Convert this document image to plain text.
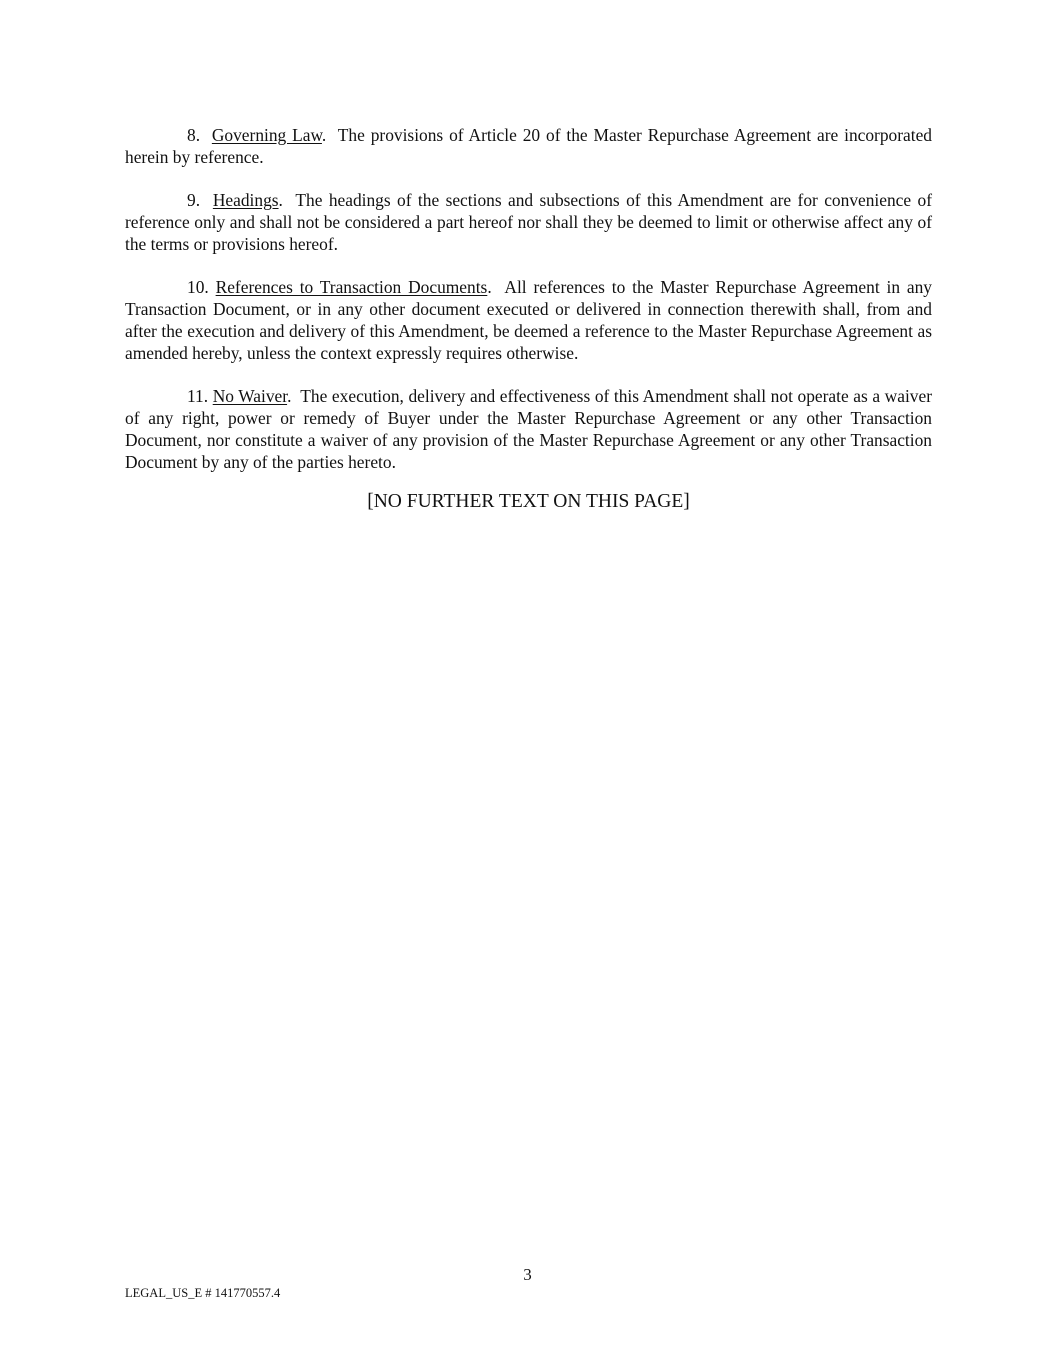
8. Governing Law.  The provisions of Article 20 of the Master Repurchase Agreement are incorporated herein by reference.

9. Headings.  The headings of the sections and subsections of this Amendment are for convenience of reference only and shall not be considered a part hereof nor shall they be deemed to limit or otherwise affect any of the terms or provisions hereof.

10. References to Transaction Documents.  All references to the Master Repurchase Agreement in any Transaction Document, or in any other document executed or delivered in connection therewith shall, from and after the execution and delivery of this Amendment, be deemed a reference to the Master Repurchase Agreement as amended hereby, unless the context expressly requires otherwise.

11. No Waiver.  The execution, delivery and effectiveness of this Amendment shall not operate as a waiver of any right, power or remedy of Buyer under the Master Repurchase Agreement or any other Transaction Document, nor constitute a waiver of any provision of the Master Repurchase Agreement or any other Transaction Document by any of the parties hereto.

[NO FURTHER TEXT ON THIS PAGE]
3
LEGAL_US_E # 141770557.4
